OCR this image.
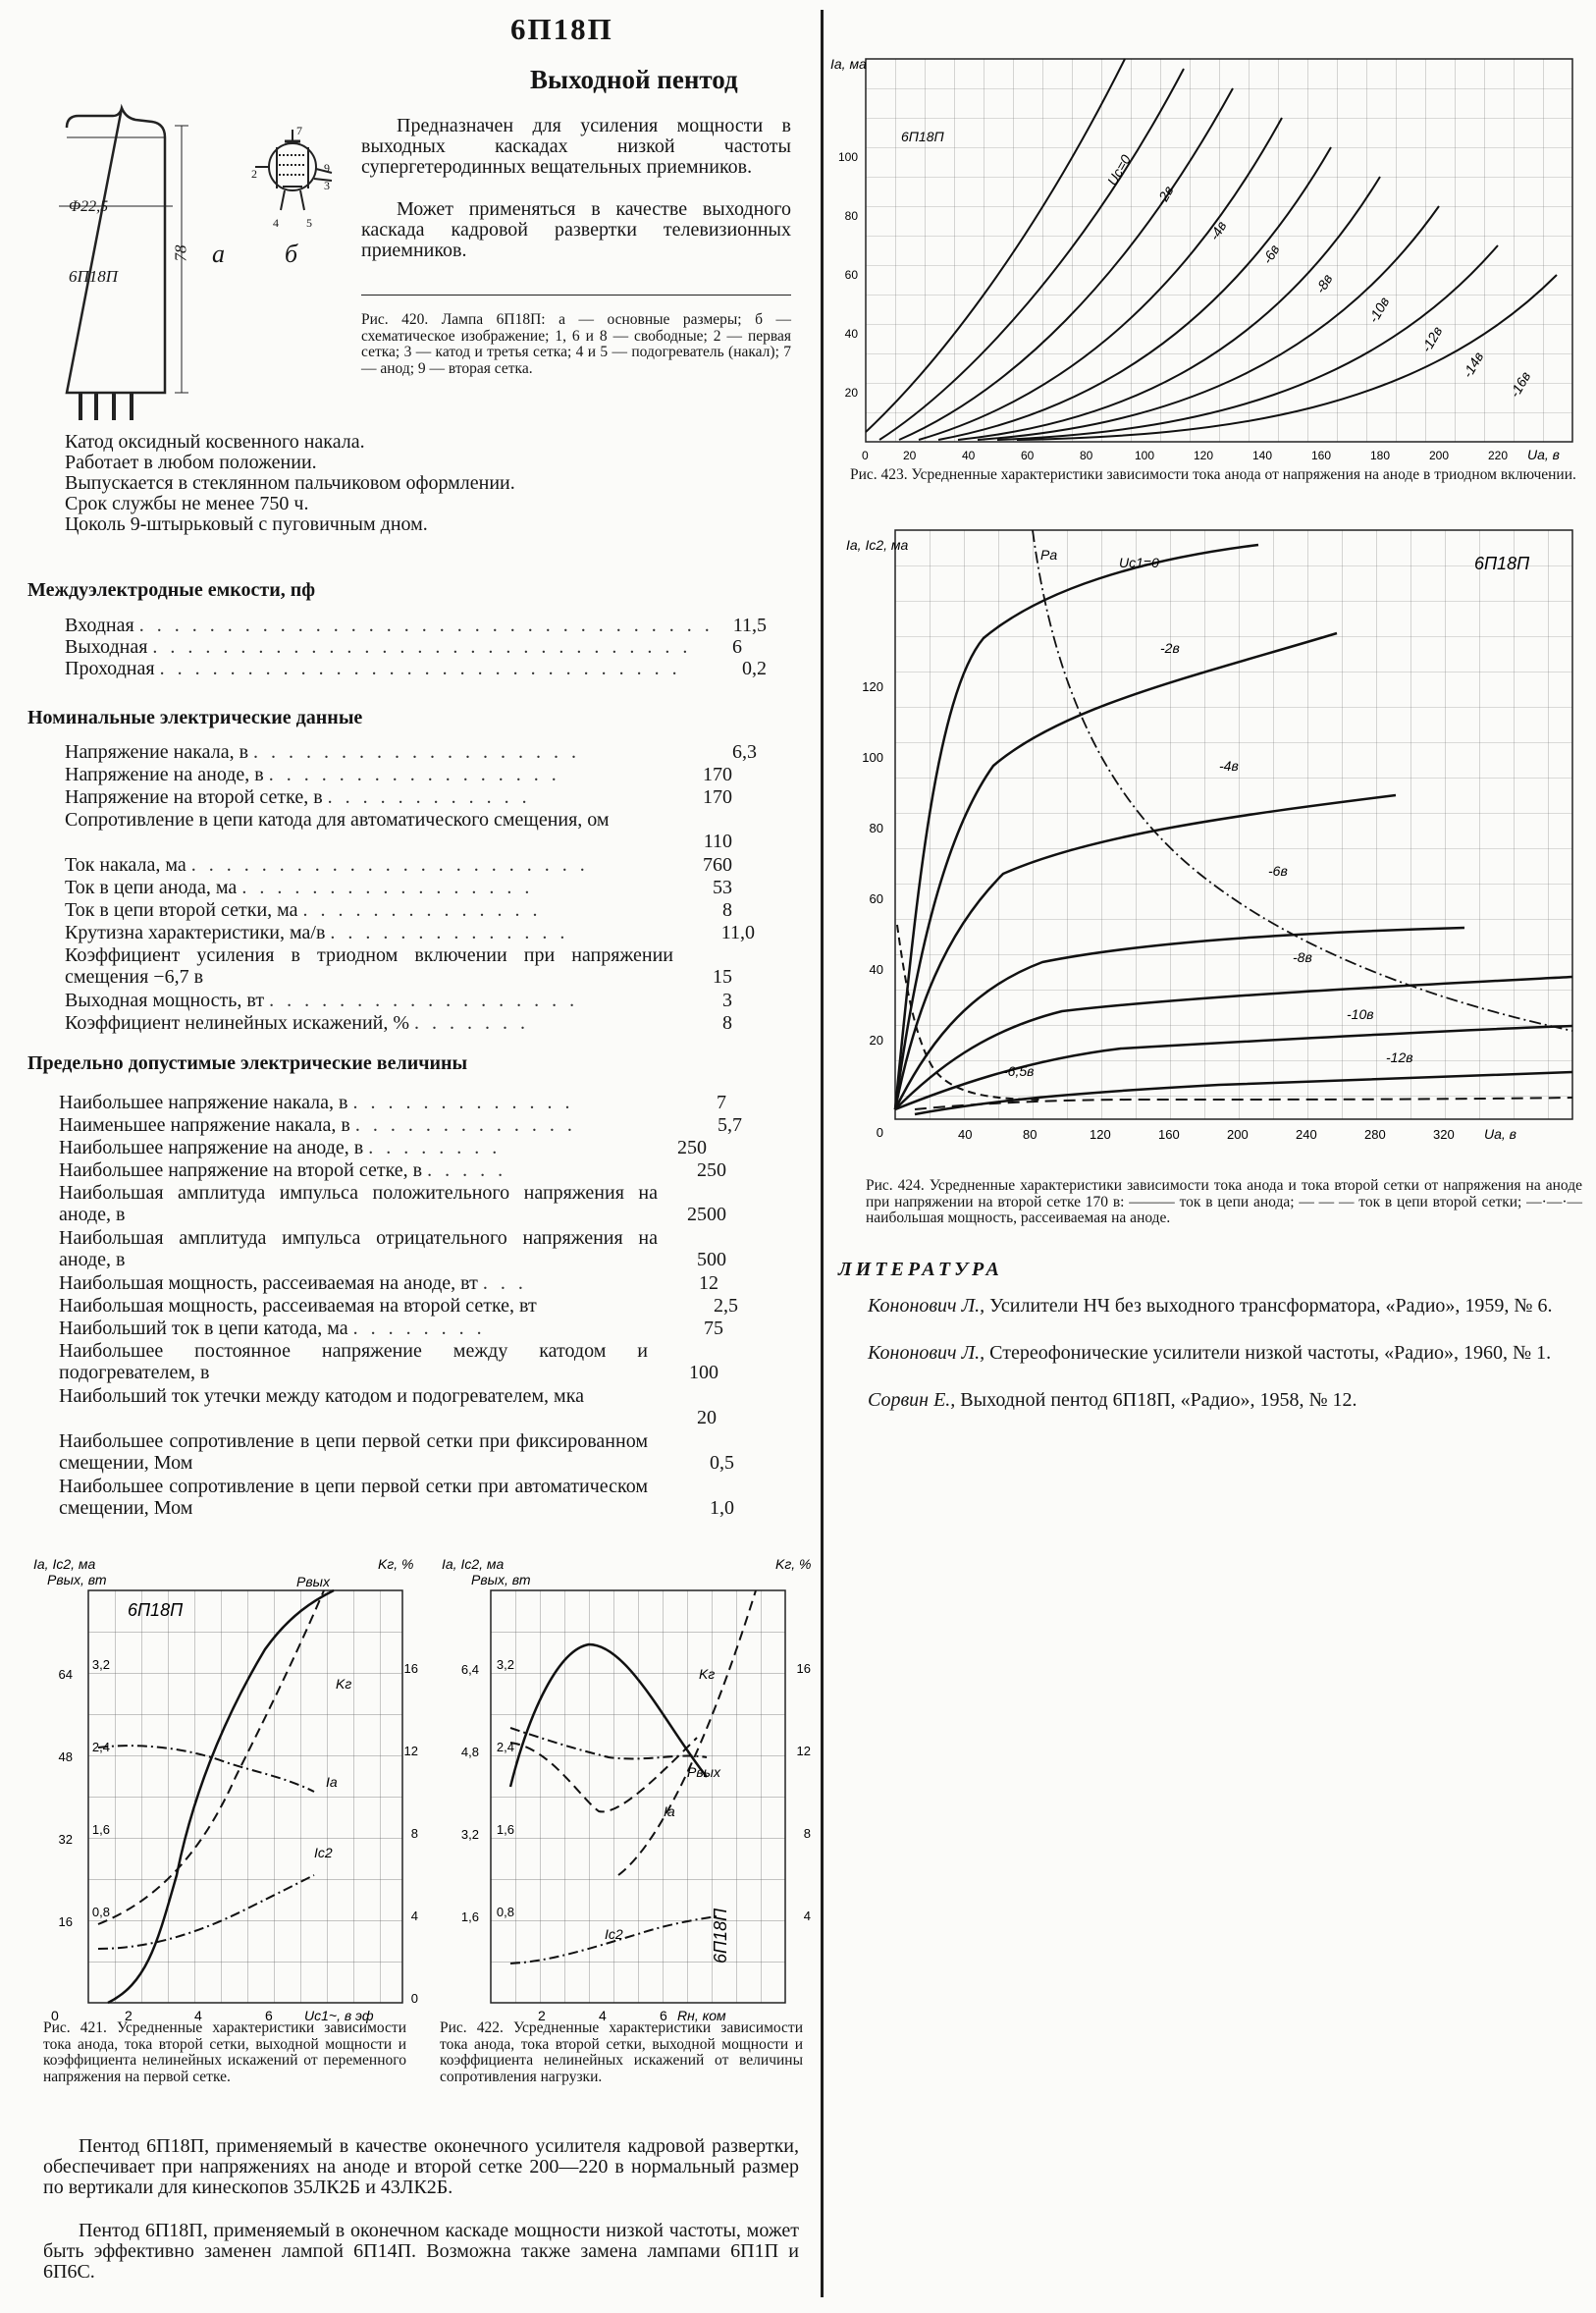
6П18П
Выходной пентод
Φ22,5
6П18П
78 а б
7
2	9
3
4 5
Предназначен для усиления мощности в выходных каскадах низкой частоты супергетеродинных вещательных приемников.
Может применяться в качестве выходного каскада кадровой развертки телевизионных приемников.
Рис. 420. Лампа 6П18П: а — основные размеры; б — схематическое изображение; 1, 6 и 8 — свободные; 2 — первая сетка; 3 — катод и третья сетка; 4 и 5 — подогреватель (накал); 7 — анод; 9 — вторая сетка.
Катод оксидный косвенного накала.
Работает в любом положении.
Выпускается в стеклянном пальчиковом оформлении.
Срок службы не менее 750 ч.
Цоколь 9-штырьковый с пуговичным дном.
Междуэлектродные емкости, пф
Входная . . . . . . . . . . . . . . . . . . . . . . . . . . . . . . . . . 11,5
Выходная . . . . . . . . . . . . . . . . . . . . . . . . . . . . . . . 6
Проходная . . . . . . . . . . . . . . . . . . . . . . . . . . . . . .	0,2
Номинальные электрические данные
Напряжение накала, в . . . . . . . . . . . . . . . . . . .	6,3
Напряжение на аноде, в . . . . . . . . . . . . . . . . .	170
Напряжение на второй сетке, в . . . . . . . . . . . .	170
Сопротивление в цепи катода для автоматического смещения, ом
110
Ток накала, ма . . . . . . . . . . . . . . . . . . . . . . .	760
Ток в цепи анода, ма . . . . . . . . . . . . . . . . .	53
Ток в цепи второй сетки, ма . . . . . . . . . . . . . .	8
Крутизна характеристики, ма/в . . . . . . . . . . . . . .	11,0
Коэффициент усиления в триодном включении при напряжении смещения −6,7 в	15
Выходная мощность, вт . . . . . . . . . . . . . . . . . .	3
Коэффициент нелинейных искажений, % . . . . . . .	8
Предельно допустимые электрические величины
Наибольшее напряжение накала, в . . . . . . . . . . . . .	7
Наименьшее напряжение накала, в . . . . . . . . . . . . .	5,7
Наибольшее напряжение на аноде, в . . . . . . . .	250
Наибольшее напряжение на второй сетке, в . . . . .	250
Наибольшая амплитуда импульса положительного напряжения на аноде, в	2500
Наибольшая амплитуда импульса отрицательного напряжения на аноде, в	500
Наибольшая мощность, рассеиваемая на аноде, вт . . .	12
Наибольшая мощность, рассеиваемая на второй сетке, вт	2,5
Наибольший ток в цепи катода, ма . . . . . . . .	75
Наибольшее постоянное напряжение между катодом и подогревателем, в	100
Наибольший ток утечки между катодом и подогревателем, мка
20
Наибольшее сопротивление в цепи первой сетки при фиксированном смещении, Мом	0,5
Наибольшее сопротивление в цепи первой сетки при автоматическом смещении, Мом	1,0
64
48
32
16
3,2
2,4
1,6
0,8
16
12
8
4
0
0	2	4	6 Uc1~, в эф
Ia, Ic2, ма
Pвых, вт
Kг, %
6П18П
Pвых
Kг
Ia
Ic2
Рис. 421. Усредненные характеристики зависимости тока анода, тока второй сетки, выходной мощности и коэффициента нелинейных искажений от переменного напряжения на первой сетке.
6,4
4,8
3,2
1,6
3,2
2,4
1,6
0,8
16
12
8
4
2	4	6 Rн, ком
Ia, Ic2, ма
Pвых, вт
Kг, %
6П18П
Pвых
Kг
Ia
Ic2
Рис. 422. Усредненные характеристики зависимости тока анода, тока второй сетки, выходной мощности и коэффициента нелинейных искажений от величины сопротивления нагрузки.
Пентод 6П18П, применяемый в качестве оконечного усилителя кадровой развертки, обеспечивает при напряжениях на аноде и второй сетке 200—220 в нормальный размер по вертикали для кинескопов 35ЛК2Б и 43ЛК2Б.
Пентод 6П18П, применяемый в оконечном каскаде мощности низкой частоты, может быть эффективно заменен лампой 6П14П. Возможна также замена лампами 6П1П и 6П6С.
6П18П
Ia, ма
100
80
60
40
20
0	20	40	60	80	100	120	140	160	180	200	220 Ua, в
Uc=0
-2в
-4в
-6в
-8в
-10в
-12в
-14в
-16в
Рис. 423. Усредненные характеристики зависимости тока анода от напряжения на аноде в триодном включении.
Ia, Ic2, ма
Pa	6П18П
120
100
80
60
40
20
0	40	80	120	160	200	240	280	320 Ua, в
Uc1=0
-2в
-4в
-6в
-8в
-10в
-12в
-6,5в
Рис. 424. Усредненные характеристики зависимости тока анода и тока второй сетки от напряжения на аноде при напряжении на второй сетке 170 в: ——— ток в цепи анода; — — — ток в цепи второй сетки; —·—·— наибольшая мощность, рассеиваемая на аноде.
ЛИТЕРАТУРА
Кононович Л., Усилители НЧ без выходного трансформатора, «Радио», 1959, № 6.
Кононович Л., Стереофонические усилители низкой частоты, «Радио», 1960, № 1.
Сорвин Е., Выходной пентод 6П18П, «Радио», 1958, № 12.
